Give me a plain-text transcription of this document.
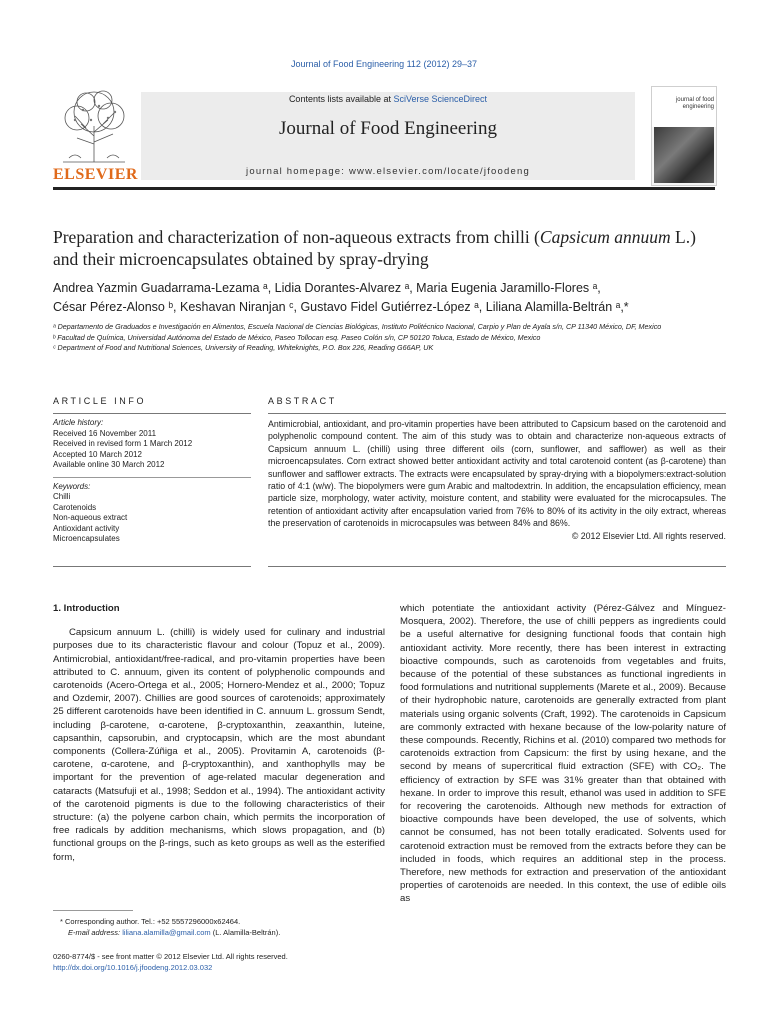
Journal of Food Engineering 112 (2012) 29–37
ELSEVIER
Contents lists available at SciVerse ScienceDirect
Journal of Food Engineering
journal homepage: www.elsevier.com/locate/jfoodeng
journal of food engineering
Preparation and characterization of non-aqueous extracts from chilli (Capsicum annuum L.) and their microencapsulates obtained by spray-drying
Andrea Yazmin Guadarrama-Lezama ᵃ, Lidia Dorantes-Alvarez ᵃ, Maria Eugenia Jaramillo-Flores ᵃ,
César Pérez-Alonso ᵇ, Keshavan Niranjan ᶜ, Gustavo Fidel Gutiérrez-López ᵃ, Liliana Alamilla-Beltrán ᵃ,*
ᵃ Departamento de Graduados e Investigación en Alimentos, Escuela Nacional de Ciencias Biológicas, Instituto Politécnico Nacional, Carpio y Plan de Ayala s/n, CP 11340 México, DF, Mexico
ᵇ Facultad de Química, Universidad Autónoma del Estado de México, Paseo Tollocan esq. Paseo Colón s/n, CP 50120 Toluca, Estado de México, Mexico
ᶜ Department of Food and Nutritional Sciences, University of Reading, Whiteknights, P.O. Box 226, Reading G66AP, UK
ARTICLE INFO	ABSTRACT
Article history:
Received 16 November 2011
Received in revised form 1 March 2012
Accepted 10 March 2012
Available online 30 March 2012
Keywords:
Chilli
Carotenoids
Non-aqueous extract
Antioxidant activity
Microencapsulates

Antimicrobial, antioxidant, and pro-vitamin properties have been attributed to Capsicum based on the carotenoid and polyphenolic compound content. The aim of this study was to obtain and characterize non-aqueous extracts of Capsicum annuum L. (chilli) using three different oils (corn, sunflower, and safflower) as well as their microencapsulates. Corn extract showed better antioxidant activity and total carotenoid content (as β-carotene) than sunflower and safflower extracts. The extracts were encapsulated by spray-drying with a biopolymers:extract-solution ratio of 4:1 (w/w). The biopolymers were gum Arabic and maltodextrin. In addition, the encapsulation efficiency, mean particle size, morphology, water activity, moisture content, and stability were evaluated for the microcapsules. The retention of antioxidant activity after encapsulation varied from 76% to 80% of its activity in the oily extract, whereas the preservation of carotenoids in microcapsules was between 84% and 86%.

© 2012 Elsevier Ltd. All rights reserved.

1. Introduction

Capsicum annuum L. (chilli) is widely used for culinary and industrial purposes due to its characteristic flavour and colour (Topuz et al., 2009). Antimicrobial, antioxidant/free-radical, and pro-vitamin properties have been attributed to C. annuum, given its content of polyphenolic compounds and carotenoids (Acero-Ortega et al., 2005; Hornero-Mendez et al., 2000; Topuz and Ozdemir, 2007). Chillies are good sources of carotenoids; approximately 25 different carotenoids have been identified in C. annuum L. grossum Sendt, including β-carotene, α-carotene, β-cryptoxanthin, zeaxanthin, luteine, capsanthin, capsorubin, and cryptocapsin, which are the most abundant components (Collera-Zúñiga et al., 2005). Provitamin A, carotenoids (β-carotene, α-carotene, and β-cryptoxanthin), and xanthophylls may be important for the prevention of age-related macular degeneration and cataracts (Matsufuji et al., 1998; Seddon et al., 1994). The antioxidant activity of the carotenoid pigments is due to the following characteristics of their structure: (a) the polyene carbon chain, which permits the incorporation of free radicals by addition mechanisms, which slows propagation, and (b) functional groups on the β-rings, such as keto groups as well as the esterified form,

* Corresponding author. Tel.: +52 5557296000x62464.
E-mail address: liliana.alamilla@gmail.com (L. Alamilla-Beltrán).
0260-8774/$ - see front matter © 2012 Elsevier Ltd. All rights reserved.
http://dx.doi.org/10.1016/j.jfoodeng.2012.03.032

which potentiate the antioxidant activity (Pérez-Gálvez and Mínguez-Mosquera, 2002). Therefore, the use of chilli peppers as ingredients could be a useful alternative for designing functional foods that contain high antioxidant activity. More recently, there has been interest in extracting bioactive compounds, such as carotenoids from vegetables and fruits, because of the potential of these substances as functional ingredients in food formulations and nutritional supplements (Marete et al., 2009). Because of their hydrophobic nature, carotenoids are generally extracted from plant materials using organic solvents (Craft, 1992). The carotenoids in Capsicum are commonly extracted with hexane because of the low-polarity nature of these compounds. Recently, Richins et al. (2010) compared two methods for carotenoids extraction from Capsicum: the first by using hexane, and the second by means of supercritical fluid extraction (SFE) with CO₂. The efficiency of extraction by SFE was 31% greater than that obtained with hexane. In order to improve this result, ethanol was used in addition to SFE for recovering the carotenoids. Although new methods for extraction of bioactive compounds have been developed, the use of solvents, which cannot be consumed, has not been totally eradicated. Solvents used for carotenoid extraction must be removed from the extracts before they can be included in foods, which requires an additional step in the process. Therefore, new methods for extraction and preservation of the antioxidant properties of carotenoids are needed. In this context, the use of edible oils as
